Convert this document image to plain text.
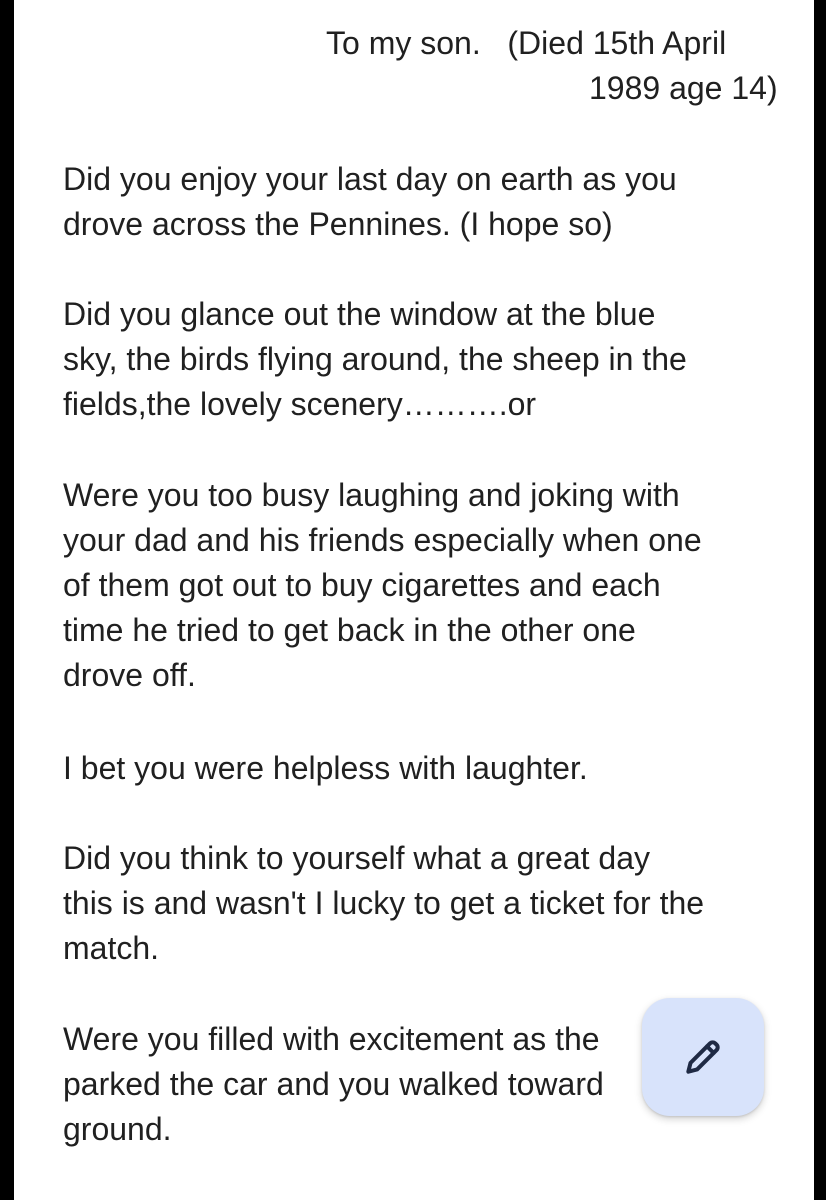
To my son.   (Died 15th April
1989 age 14)

Did you enjoy your last day on earth as you
drove across the Pennines. (I hope so)

Did you glance out the window at the blue
sky, the birds flying around, the sheep in the
fields,the lovely scenery……….or

Were you too busy laughing and joking with
your dad and his friends especially when one
of them got out to buy cigarettes and each
time he tried to get back in the other one
drove off.

I bet you were helpless with laughter.

Did you think to yourself what a great day
this is and wasn't I lucky to get a ticket for the
match.

Were you filled with excitement as the
parked the car and you walked toward
ground.
